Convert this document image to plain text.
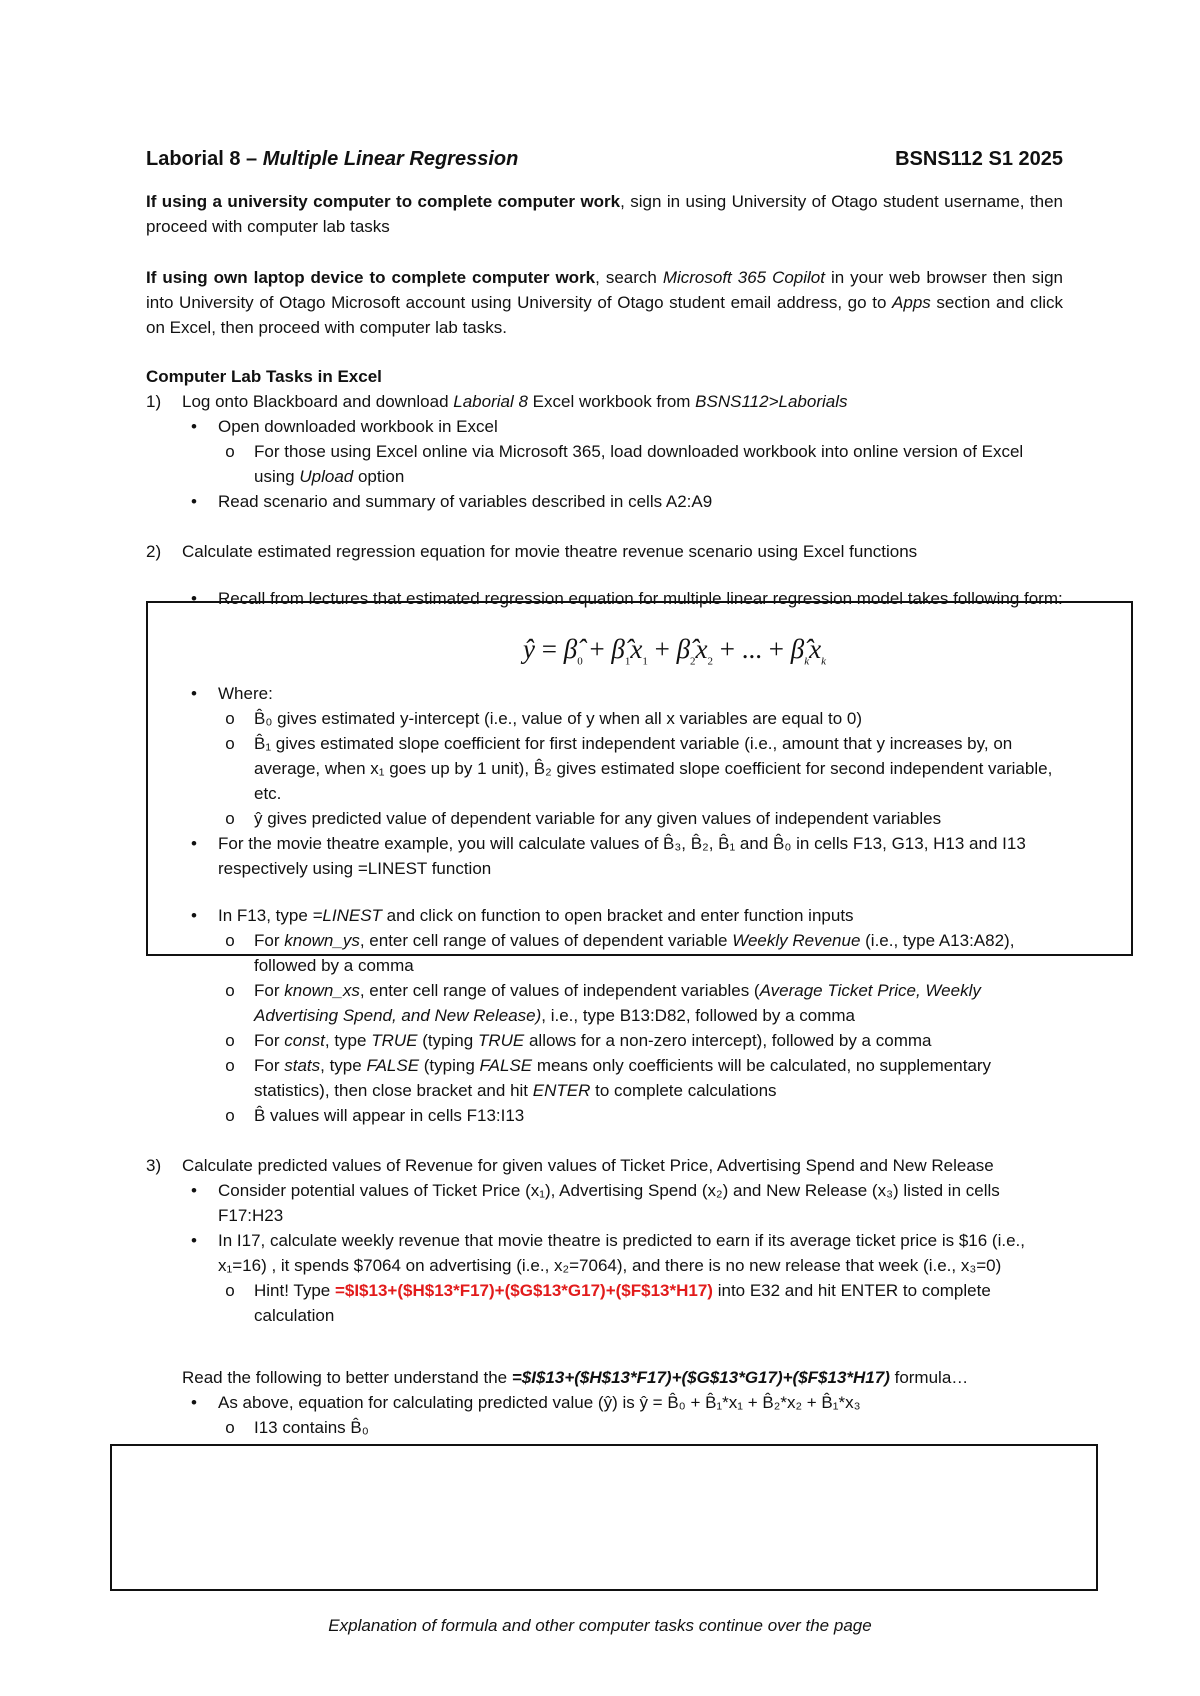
Laborial 8 – Multiple Linear Regression	BSNS112 S1 2025

If using a university computer to complete computer work, sign in using University of Otago student username, then proceed with computer lab tasks

If using own laptop device to complete computer work, search Microsoft 365 Copilot in your web browser then sign into University of Otago Microsoft account using University of Otago student email address, go to Apps section and click on Excel, then proceed with computer lab tasks.

Computer Lab Tasks in Excel

1) Log onto Blackboard and download Laborial 8 Excel workbook from BSNS112>Laborials
•	Open downloaded workbook in Excel
o	For those using Excel online via Microsoft 365, load downloaded workbook into online version of Excel using Upload option
•	Read scenario and summary of variables described in cells A2:A9
2) Calculate estimated regression equation for movie theatre revenue scenario using Excel functions
•	Recall from lectures that estimated regression equation for multiple linear regression model takes following form:
ŷ = $\betâ_0$ + $\betâ_1x_1$ + $\betâ_2x_2$ + ... + $\betâ_kx_k$
•	Where:
o	B̂₀ gives estimated y-intercept (i.e., value of y when all x variables are equal to 0)
o	B̂₁ gives estimated slope coefficient for first independent variable (i.e., amount that y increases by, on average, when x₁ goes up by 1 unit), B̂₂ gives estimated slope coefficient for second independent variable, etc.
o	ŷ gives predicted value of dependent variable for any given values of independent variables
•	For the movie theatre example, you will calculate values of B̂₃, B̂₂, B̂₁ and B̂₀ in cells F13, G13, H13 and I13 respectively using =LINEST function
•	In F13, type =LINEST and click on function to open bracket and enter function inputs
o	For known_ys, enter cell range of values of dependent variable Weekly Revenue (i.e., type A13:A82), followed by a comma
o	For known_xs, enter cell range of values of independent variables (Average Ticket Price, Weekly Advertising Spend, and New Release), i.e., type B13:D82, followed by a comma
o	For const, type TRUE (typing TRUE allows for a non-zero intercept), followed by a comma
o	For stats, type FALSE (typing FALSE means only coefficients will be calculated, no supplementary statistics), then close bracket and hit ENTER to complete calculations
o	B̂ values will appear in cells F13:I13
3) Calculate predicted values of Revenue for given values of Ticket Price, Advertising Spend and New Release
•	Consider potential values of Ticket Price (x₁), Advertising Spend (x₂) and New Release (x₃) listed in cells F17:H23
•	In I17, calculate weekly revenue that movie theatre is predicted to earn if its average ticket price is $16 (i.e., x₁=16) , it spends $7064 on advertising (i.e., x₂=7064), and there is no new release that week (i.e., x₃=0)
o	Hint! Type =$I$13+($H$13*F17)+($G$13*G17)+($F$13*H17) into E32 and hit ENTER to complete calculation
Read the following to better understand the =$I$13+($H$13*F17)+($G$13*G17)+($F$13*H17) formula…
•	As above, equation for calculating predicted value (ŷ) is ŷ = B̂₀ + B̂₁*x₁ + B̂₂*x₂ + B̂₁*x₃
o	I13 contains B̂₀
Explanation of formula and other computer tasks continue over the page
